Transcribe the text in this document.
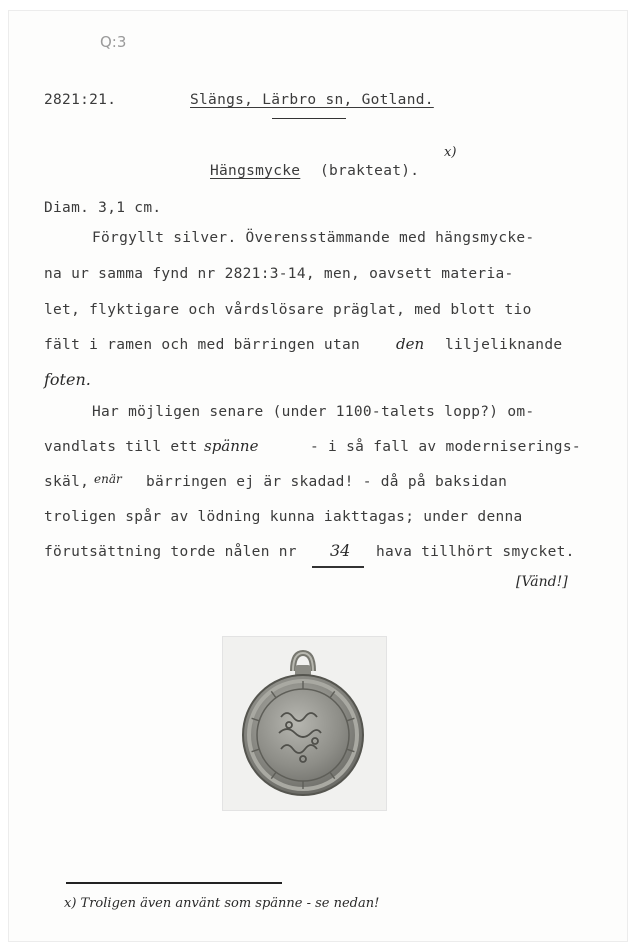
Q:3
2821:21.	Slängs, Lärbro sn, Gotland.
Hängsmycke (brakteat).
x)
Diam. 3,1 cm.
Förgyllt silver. Överensstämmande med hängsmycke-
na ur samma fynd nr 2821:3-14, men, oavsett materia-
let, flyktigare och vårdslösare präglat, med blott tio
fält i ramen och med bärringen utan den liljeliknande
foten.
Har möjligen senare (under 1100-talets lopp?) om-
vandlats till ett spänne	- i så fall av moderniserings-
skäl, enär bärringen ej är skadad! - då på baksidan
troligen spår av lödning kunna iakttagas; under denna
förutsättning torde nålen nr 34 hava tillhört smycket.
[Vänd!]
x) Troligen även använt som spänne - se nedan!
